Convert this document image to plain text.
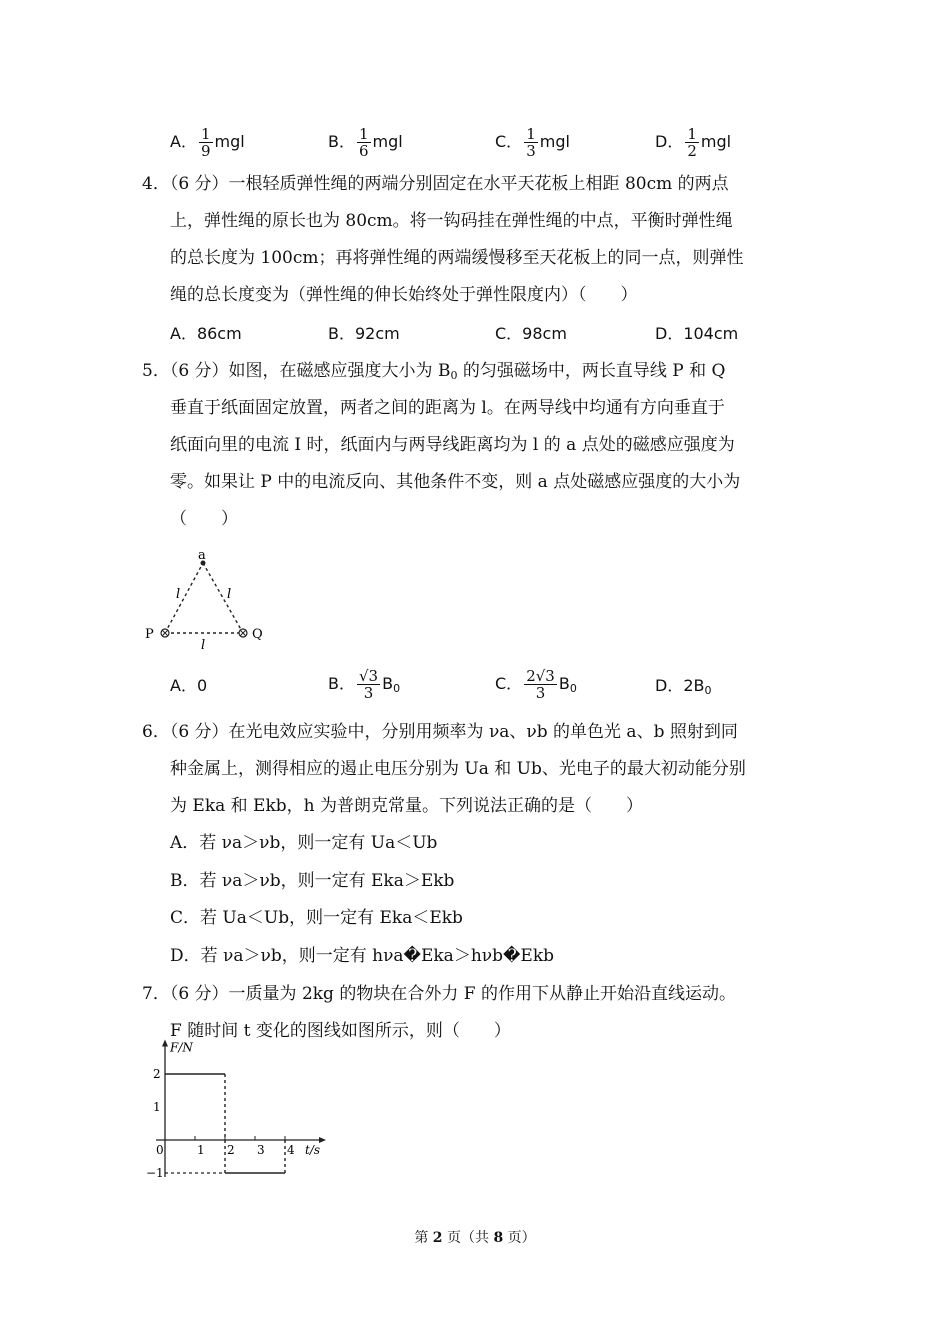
A． $\frac{1}{9}$ mgl	B． $\frac{1}{6}$ mgl	C． $\frac{1}{3}$ mgl	D． $\frac{1}{2}$ mgl
4．（6 分）一根轻质弹性绳的两端分别固定在水平天花板上相距 80cm 的两点
上，弹性绳的原长也为 80cm。将一钩码挂在弹性绳的中点，平衡时弹性绳
的总长度为 100cm；再将弹性绳的两端缓慢移至天花板上的同一点，则弹性
绳的总长度变为（弹性绳的伸长始终处于弹性限度内）（　　）
A．86cm	B．92cm	C．98cm	D．104cm
5．（6 分）如图，在磁感应强度大小为 $B_0$ 的匀强磁场中，两长直导线 P 和 Q
垂直于纸面固定放置，两者之间的距离为 l。在两导线中均通有方向垂直于
纸面向里的电流 I 时，纸面内与两导线距离均为 l 的 a 点处的磁感应强度为
零。如果让 P 中的电流反向、其他条件不变，则 a 点处磁感应强度的大小为
（　　）
a
P	Q
l	l
l
A．0	B． $\frac{√3}{3} B_0$	C． $\frac{2√3}{3} B_0$	D．$2B_0$
6．（6 分）在光电效应实验中，分别用频率为 νa、νb 的单色光 a、b 照射到同
种金属上，测得相应的遏止电压分别为 Ua 和 Ub、光电子的最大初动能分别
为 Eka 和 Ekb，h 为普朗克常量。下列说法正确的是（　　）
A．若 νa＞νb，则一定有 Ua＜Ub
B．若 νa＞νb，则一定有 Eka＞Ekb
C．若 Ua＜Ub，则一定有 Eka＜Ekb
D．若 νa＞νb，则一定有 hνa�Eka＞hνb�Ekb
7．（6 分）一质量为 2kg 的物块在合外力 F 的作用下从静止开始沿直线运动。
F 随时间 t 变化的图线如图所示，则（　　）
0	1 2 3 4
2
1
−1
F/N
t/s
第 2 页（共 8 页）
